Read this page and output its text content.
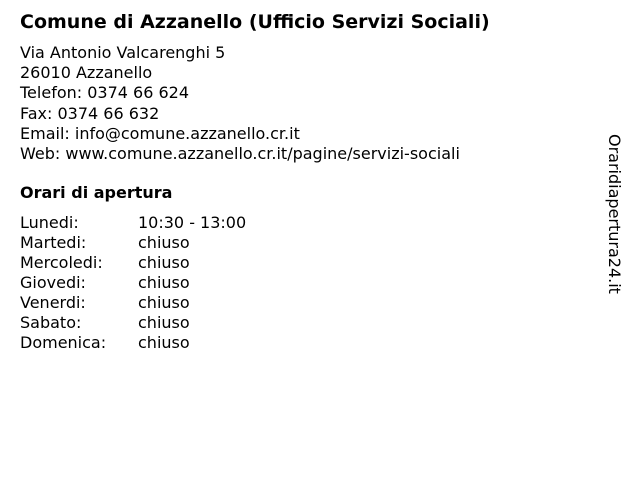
Comune di Azzanello (Ufficio Servizi Sociali)
Via Antonio Valcarenghi 5
26010 Azzanello
Telefon: 0374 66 624
Fax: 0374 66 632
Email: info@comune.azzanello.cr.it
Web: www.comune.azzanello.cr.it/pagine/servizi-sociali
Orari di apertura
Lunedi:	10:30 - 13:00
Martedi:	chiuso
Mercoledi: chiuso
Giovedi:	chiuso
Venerdi:	chiuso
Sabato:	chiuso
Domenica: chiuso
Oraridiapertura24.it
